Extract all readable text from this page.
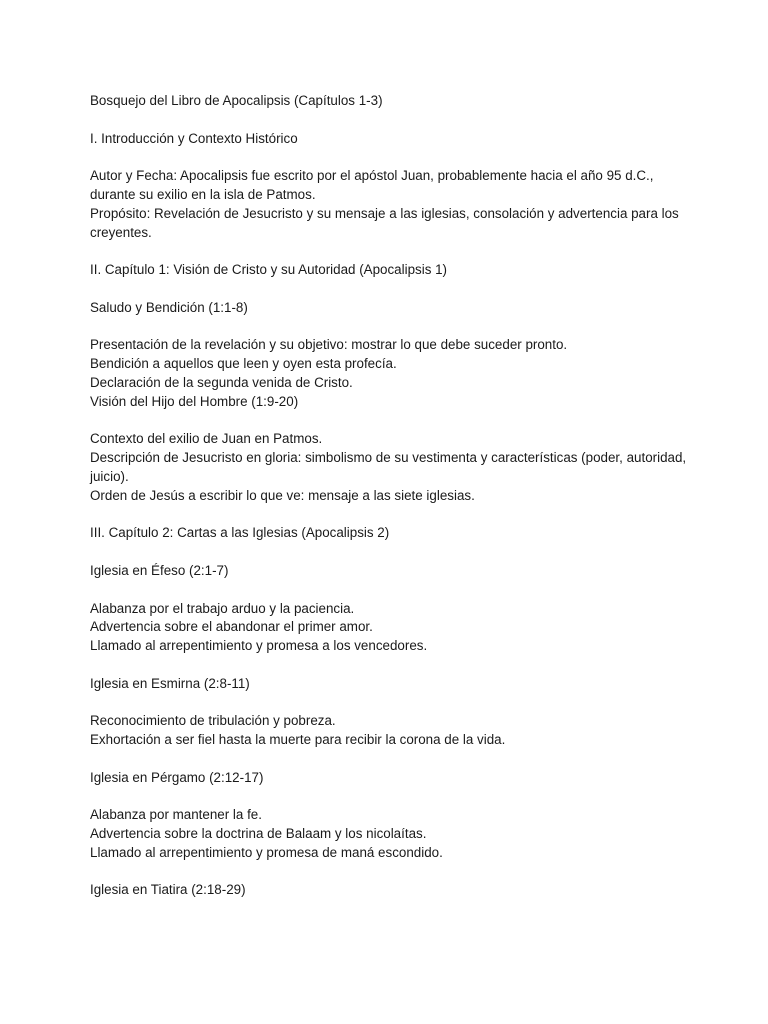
Bosquejo del Libro de Apocalipsis (Capítulos 1-3)

I. Introducción y Contexto Histórico

Autor y Fecha: Apocalipsis fue escrito por el apóstol Juan, probablemente hacia el año 95 d.C., durante su exilio en la isla de Patmos.
Propósito: Revelación de Jesucristo y su mensaje a las iglesias, consolación y advertencia para los creyentes.

II. Capítulo 1: Visión de Cristo y su Autoridad (Apocalipsis 1)

Saludo y Bendición (1:1-8)

Presentación de la revelación y su objetivo: mostrar lo que debe suceder pronto.
Bendición a aquellos que leen y oyen esta profecía.
Declaración de la segunda venida de Cristo.
Visión del Hijo del Hombre (1:9-20)

Contexto del exilio de Juan en Patmos.
Descripción de Jesucristo en gloria: simbolismo de su vestimenta y características (poder, autoridad, juicio).
Orden de Jesús a escribir lo que ve: mensaje a las siete iglesias.

III. Capítulo 2: Cartas a las Iglesias (Apocalipsis 2)

Iglesia en Éfeso (2:1-7)

Alabanza por el trabajo arduo y la paciencia.
Advertencia sobre el abandonar el primer amor.
Llamado al arrepentimiento y promesa a los vencedores.

Iglesia en Esmirna (2:8-11)

Reconocimiento de tribulación y pobreza.
Exhortación a ser fiel hasta la muerte para recibir la corona de la vida.

Iglesia en Pérgamo (2:12-17)

Alabanza por mantener la fe.
Advertencia sobre la doctrina de Balaam y los nicolaítas.
Llamado al arrepentimiento y promesa de maná escondido.

Iglesia en Tiatira (2:18-29)
